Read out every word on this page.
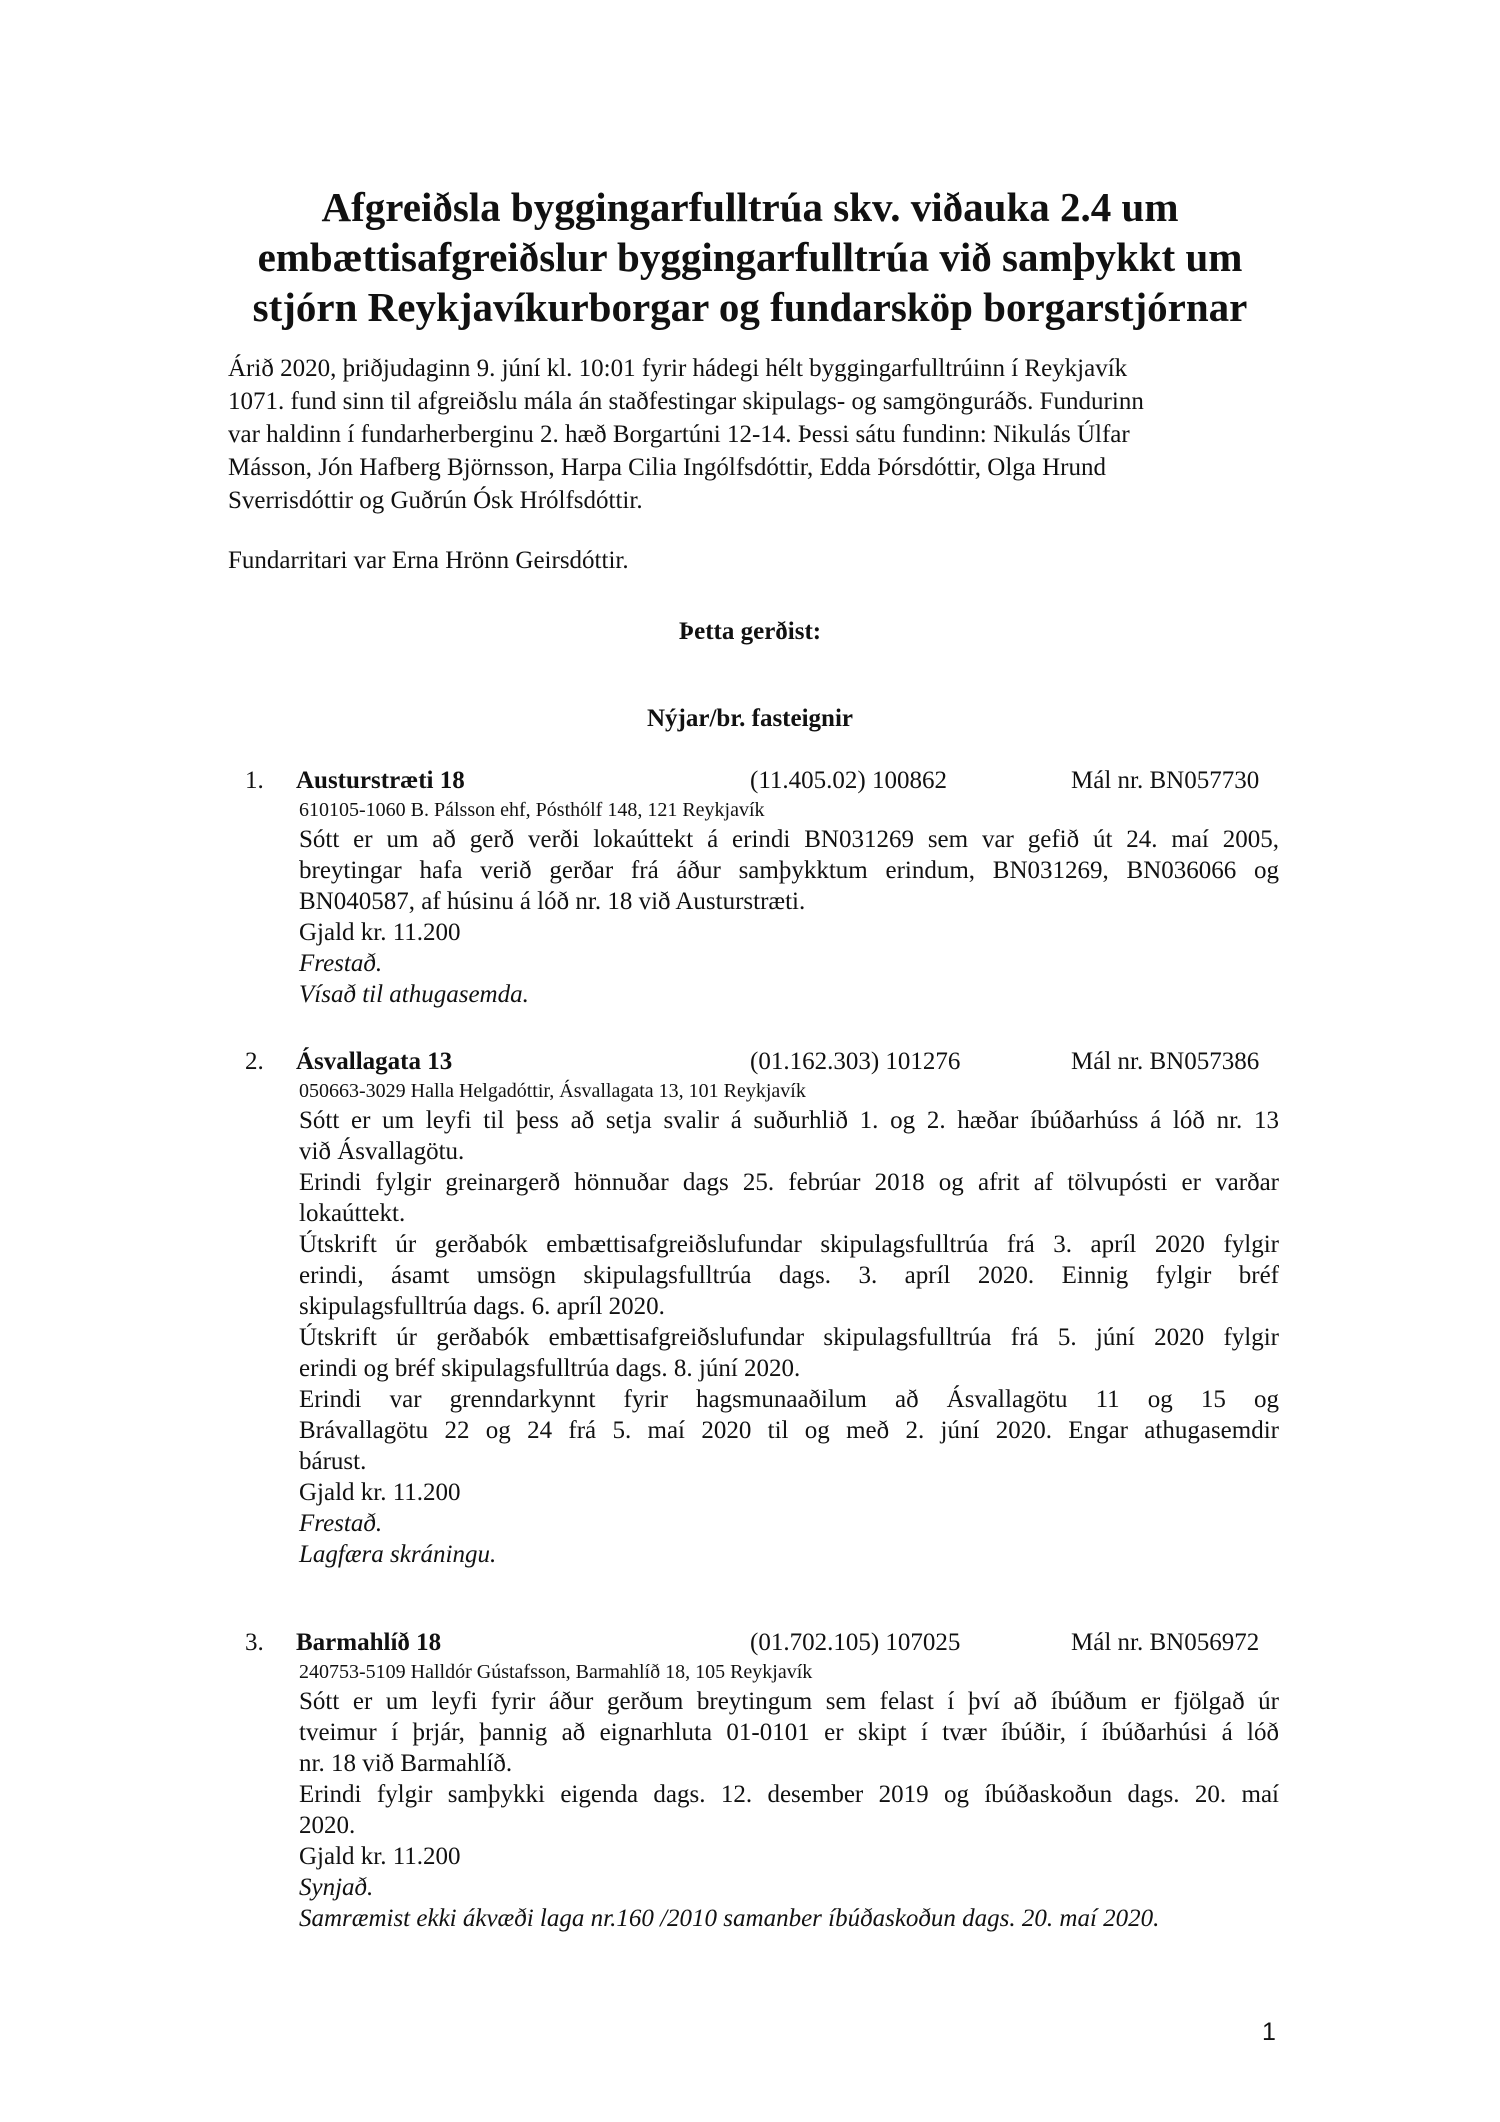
Afgreiðsla byggingarfulltrúa skv. viðauka 2.4 um
embættisafgreiðslur byggingarfulltrúa við samþykkt um
stjórn Reykjavíkurborgar og fundarsköp borgarstjórnar
Árið 2020, þriðjudaginn 9. júní kl. 10:01 fyrir hádegi hélt byggingarfulltrúinn í Reykjavík
1071. fund sinn til afgreiðslu mála án staðfestingar skipulags- og samgönguráðs. Fundurinn
var haldinn í fundarherberginu 2. hæð Borgartúni 12-14. Þessi sátu fundinn: Nikulás Úlfar
Másson, Jón Hafberg Björnsson, Harpa Cilia Ingólfsdóttir, Edda Þórsdóttir, Olga Hrund
Sverrisdóttir og Guðrún Ósk Hrólfsdóttir.
Fundarritari var Erna Hrönn Geirsdóttir.
Þetta gerðist:
Nýjar/br. fasteignir
1. Austurstræti 18	(11.405.02) 100862	Mál nr. BN057730
610105-1060 B. Pálsson ehf, Pósthólf 148, 121 Reykjavík
Sótt er um að gerð verði lokaúttekt á erindi BN031269 sem var gefið út 24. maí 2005,
breytingar hafa verið gerðar frá áður samþykktum erindum, BN031269, BN036066 og
BN040587, af húsinu á lóð nr. 18 við Austurstræti.
Gjald kr. 11.200
Frestað.
Vísað til athugasemda.
2. Ásvallagata 13	(01.162.303) 101276	Mál nr. BN057386
050663-3029 Halla Helgadóttir, Ásvallagata 13, 101 Reykjavík
Sótt er um leyfi til þess að setja svalir á suðurhlið 1. og 2. hæðar íbúðarhúss á lóð nr. 13
við Ásvallagötu.
Erindi fylgir greinargerð hönnuðar dags 25. febrúar 2018 og afrit af tölvupósti er varðar
lokaúttekt.
Útskrift úr gerðabók embættisafgreiðslufundar skipulagsfulltrúa frá 3. apríl 2020 fylgir
erindi, ásamt umsögn skipulagsfulltrúa dags. 3. apríl 2020. Einnig fylgir bréf
skipulagsfulltrúa dags. 6. apríl 2020.
Útskrift úr gerðabók embættisafgreiðslufundar skipulagsfulltrúa frá 5. júní 2020 fylgir
erindi og bréf skipulagsfulltrúa dags. 8. júní 2020.
Erindi var grenndarkynnt fyrir hagsmunaaðilum að Ásvallagötu 11 og 15 og
Brávallagötu 22 og 24 frá 5. maí 2020 til og með 2. júní 2020. Engar athugasemdir
bárust.
Gjald kr. 11.200
Frestað.
Lagfæra skráningu.
3. Barmahlíð 18	(01.702.105) 107025	Mál nr. BN056972
240753-5109 Halldór Gústafsson, Barmahlíð 18, 105 Reykjavík
Sótt er um leyfi fyrir áður gerðum breytingum sem felast í því að íbúðum er fjölgað úr
tveimur í þrjár, þannig að eignarhluta 01-0101 er skipt í tvær íbúðir, í íbúðarhúsi á lóð
nr. 18 við Barmahlíð.
Erindi fylgir samþykki eigenda dags. 12. desember 2019 og íbúðaskoðun dags. 20. maí
2020.
Gjald kr. 11.200
Synjað.
Samræmist ekki ákvæði laga nr.160 /2010 samanber íbúðaskoðun dags. 20. maí 2020.
1
